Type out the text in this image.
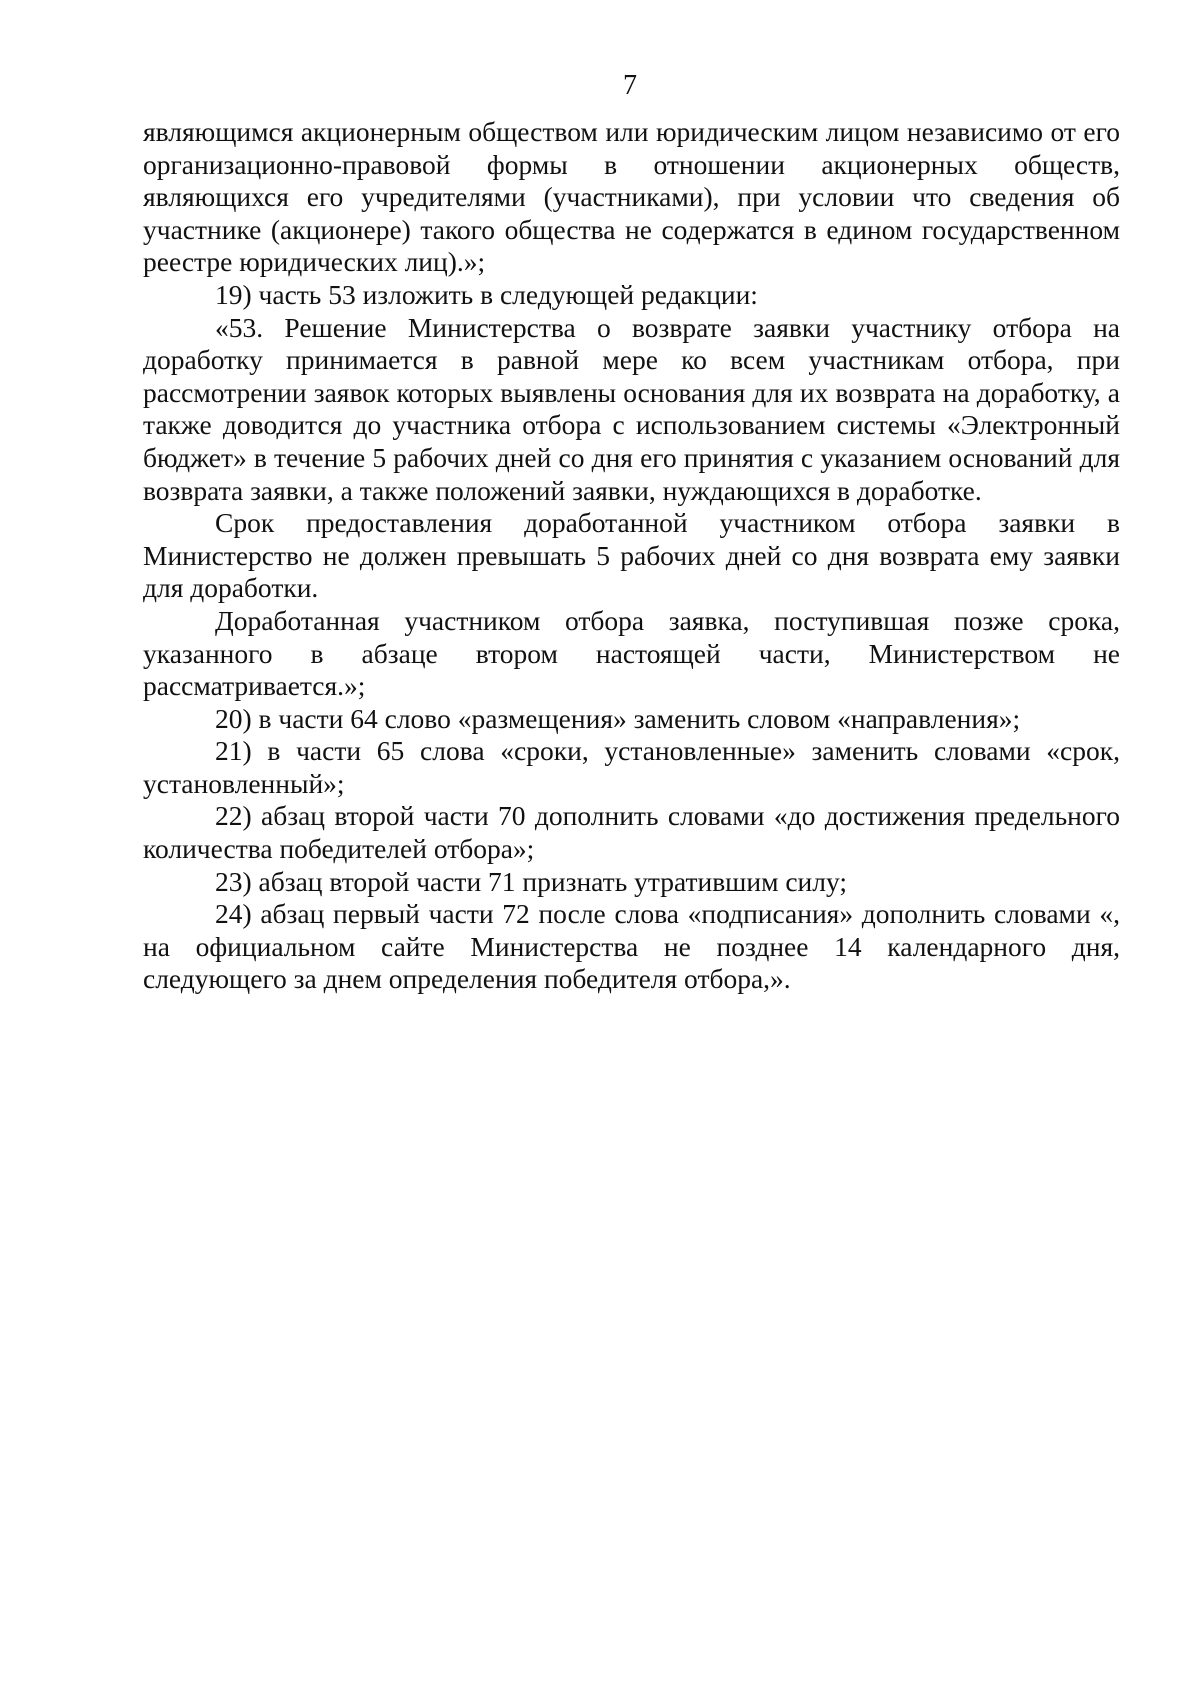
7

являющимся акционерным обществом или юридическим лицом независимо от его организационно-правовой формы в отношении акционерных обществ, являющихся его учредителями (участниками), при условии что сведения об участнике (акционере) такого общества не содержатся в едином государственном реестре юридических лиц).»;

19) часть 53 изложить в следующей редакции:

«53. Решение Министерства о возврате заявки участнику отбора на доработку принимается в равной мере ко всем участникам отбора, при рассмотрении заявок которых выявлены основания для их возврата на доработку, а также доводится до участника отбора с использованием системы «Электронный бюджет» в течение 5 рабочих дней со дня его принятия с указанием оснований для возврата заявки, а также положений заявки, нуждающихся в доработке.

Срок предоставления доработанной участником отбора заявки в Министерство не должен превышать 5 рабочих дней со дня возврата ему заявки для доработки.

Доработанная участником отбора заявка, поступившая позже срока, указанного в абзаце втором настоящей части, Министерством не рассматривается.»;

20) в части 64 слово «размещения» заменить словом «направления»;

21) в части 65 слова «сроки, установленные» заменить словами «срок, установленный»;

22) абзац второй части 70 дополнить словами «до достижения предельного количества победителей отбора»;

23) абзац второй части 71 признать утратившим силу;

24) абзац первый части 72 после слова «подписания» дополнить словами «, на официальном сайте Министерства не позднее 14 календарного дня, следующего за днем определения победителя отбора,».
